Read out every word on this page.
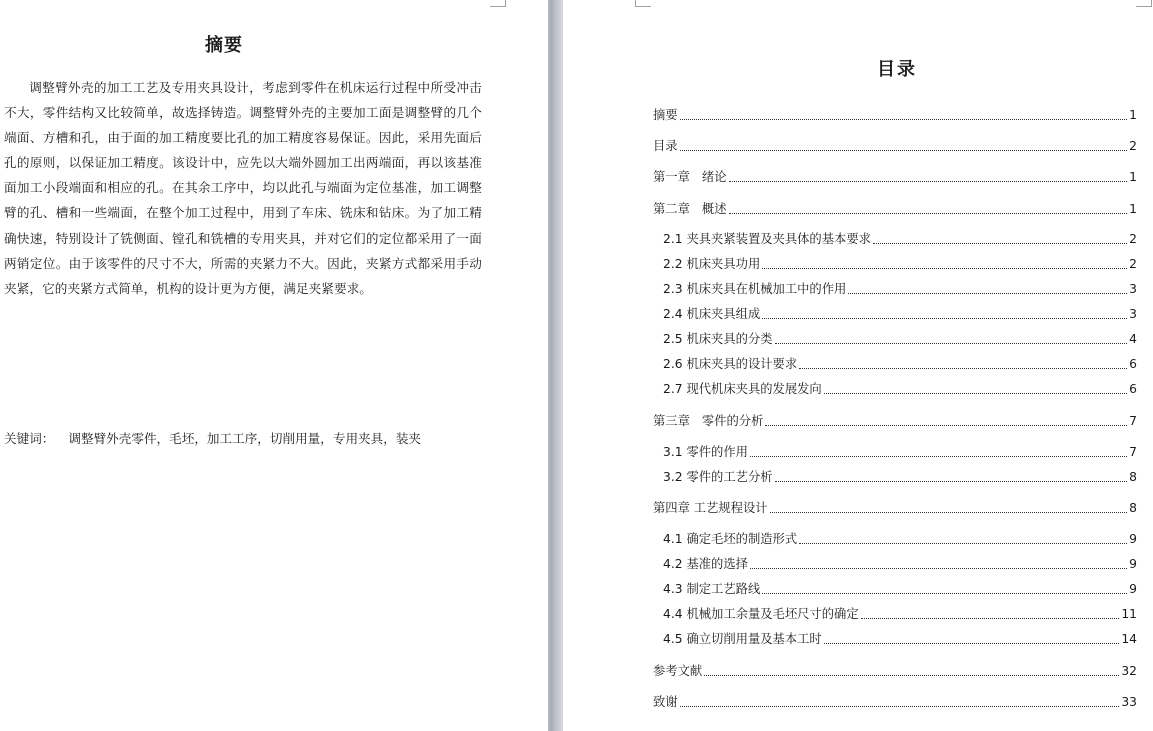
摘要

调整臂外壳的加工工艺及专用夹具设计，考虑到零件在机床运行过程中所受冲击不大，零件结构又比较简单，故选择铸造。调整臂外壳的主要加工面是调整臂的几个端面、方槽和孔，由于面的加工精度要比孔的加工精度容易保证。因此，采用先面后孔的原则，以保证加工精度。该设计中，应先以大端外圆加工出两端面，再以该基准面加工小段端面和相应的孔。在其余工序中，均以此孔与端面为定位基准，加工调整臂的孔、槽和一些端面，在整个加工过程中，用到了车床、铣床和钻床。为了加工精确快速，特别设计了铣侧面、镗孔和铣槽的专用夹具，并对它们的定位都采用了一面两销定位。由于该零件的尺寸不大，所需的夹紧力不大。因此，夹紧方式都采用手动夹紧，它的夹紧方式简单，机构的设计更为方便，满足夹紧要求。

关键词： 调整臂外壳零件，毛坯，加工工序，切削用量，专用夹具，装夹
目录
摘要	1
目录	2
第一章 绪论	1
第二章 概述	1
2.1 夹具夹紧装置及夹具体的基本要求	2
2.2 机床夹具功用	2
2.3 机床夹具在机械加工中的作用	3
2.4 机床夹具组成	3
2.5 机床夹具的分类	4
2.6 机床夹具的设计要求	6
2.7 现代机床夹具的发展发向	6
第三章 零件的分析	7
3.1 零件的作用	7
3.2 零件的工艺分析	8
第四章 工艺规程设计	8
4.1 确定毛坯的制造形式	9
4.2 基准的选择	9
4.3 制定工艺路线	9
4.4 机械加工余量及毛坯尺寸的确定	11
4.5 确立切削用量及基本工时	14
参考文献	32
致谢	33
